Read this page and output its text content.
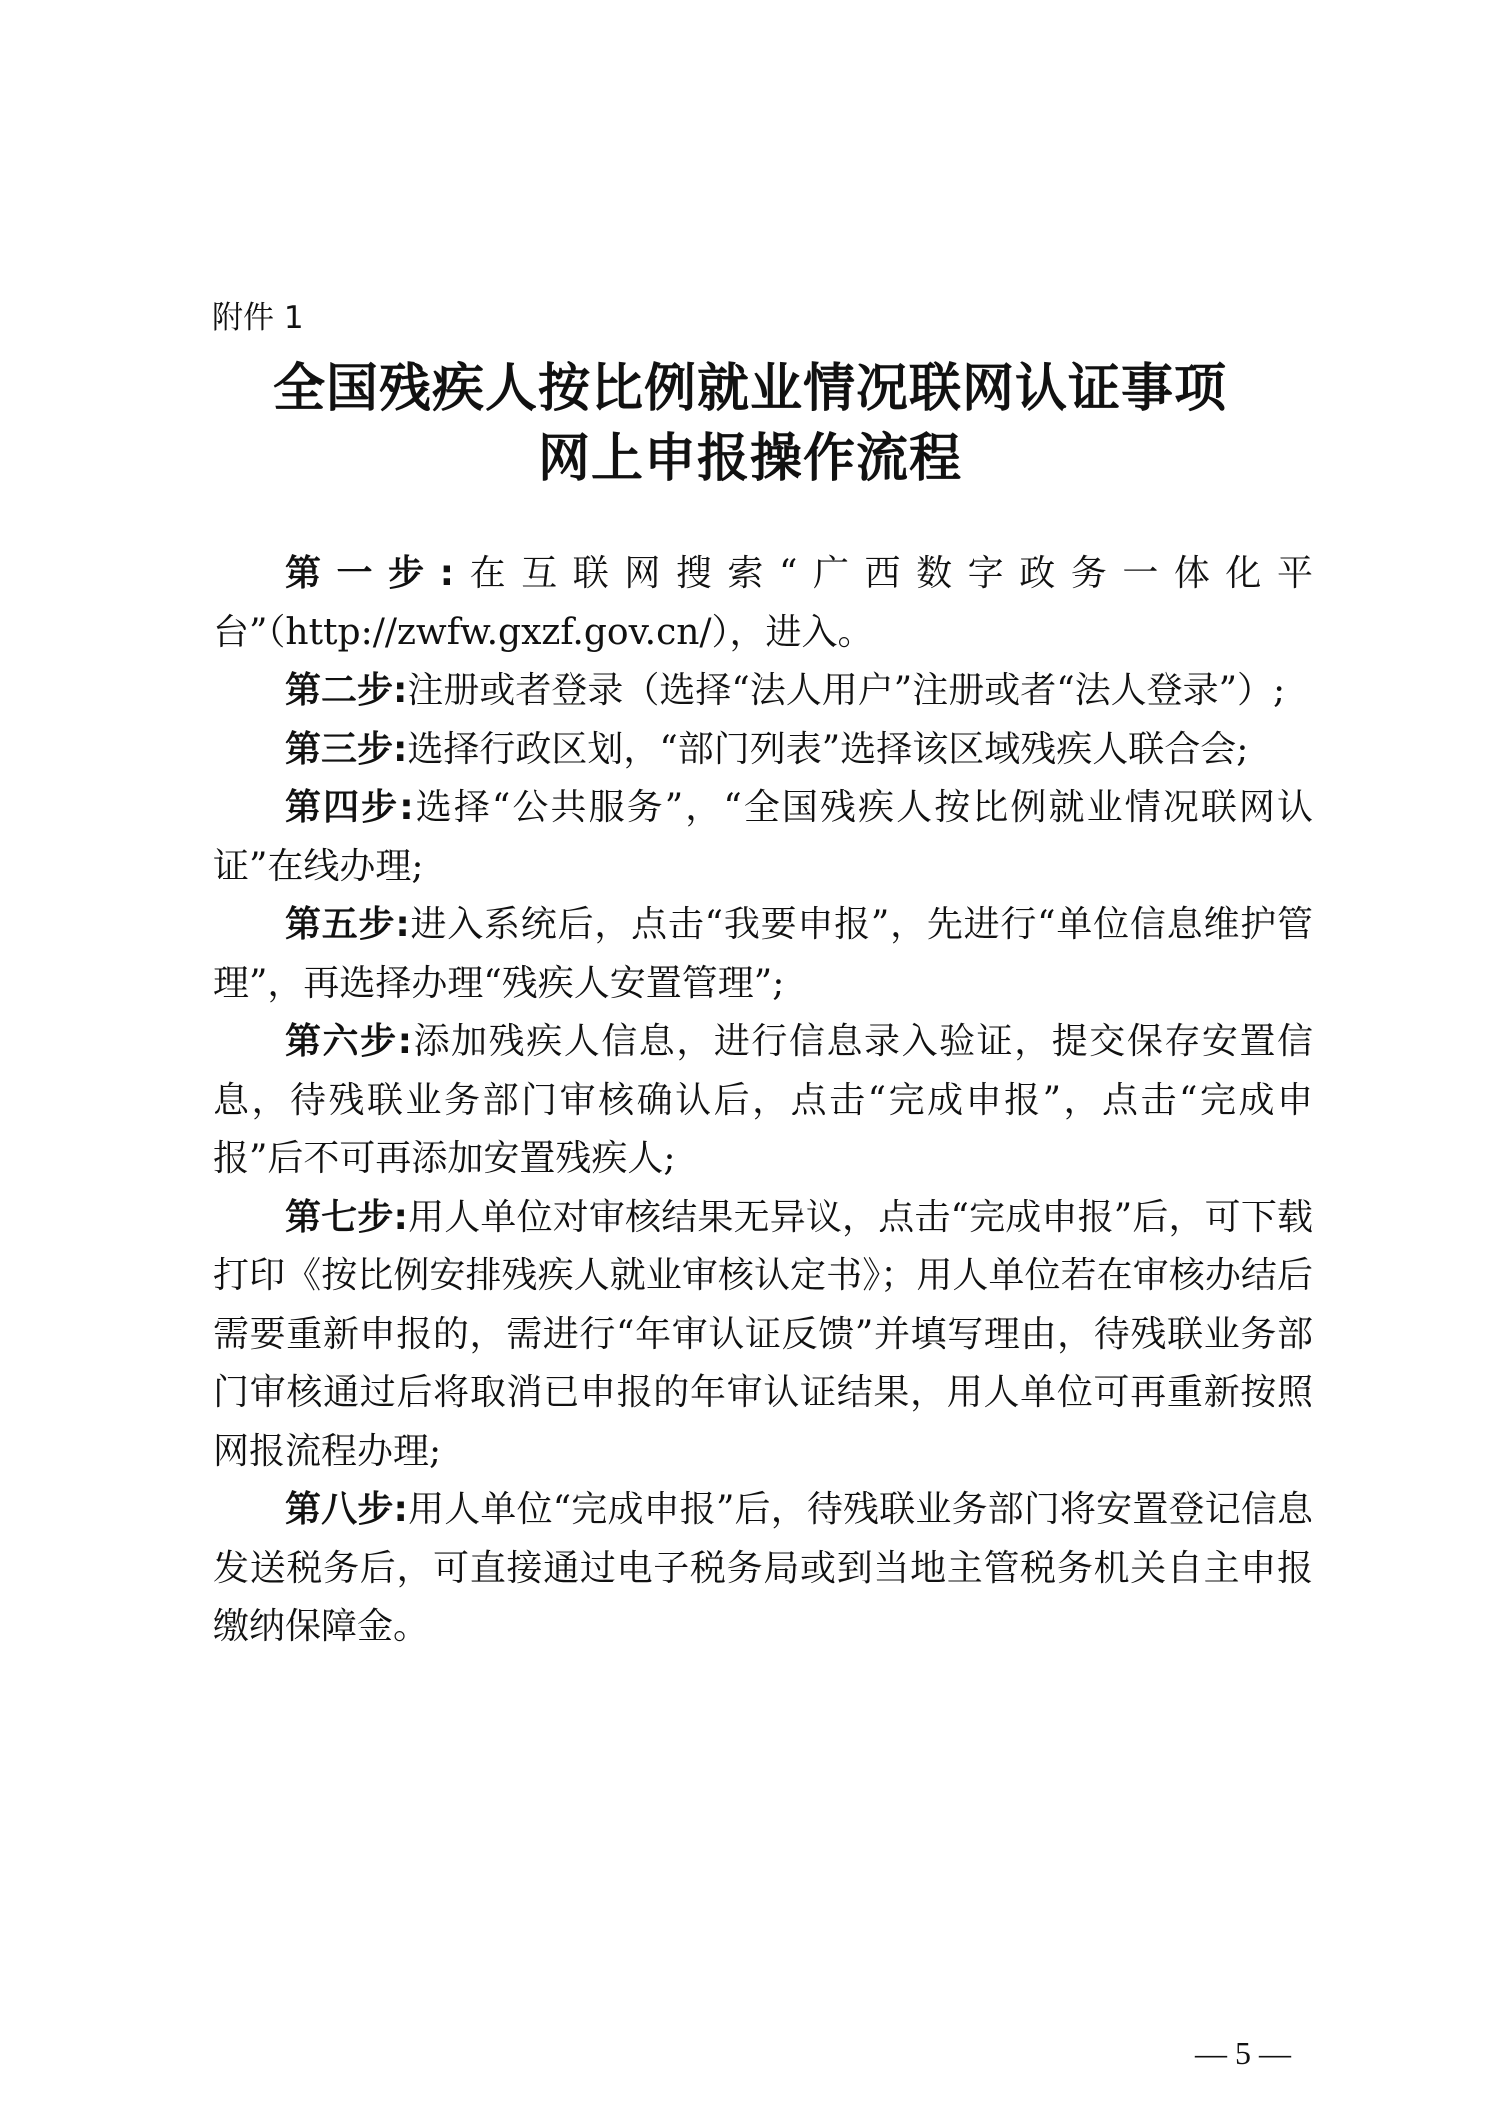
附件 1
全国残疾人按比例就业情况联网认证事项
网上申报操作流程

第一步:在互联网搜索“广西数字政务一体化平台”（http://zwfw.gxzf.gov.cn/），进入。

第二步:注册或者登录（选择“法人用户”注册或者“法人登录”）;

第三步:选择行政区划，“部门列表”选择该区域残疾人联合会;

第四步:选择“公共服务”，“全国残疾人按比例就业情况联网认证”在线办理;

第五步:进入系统后，点击“我要申报”，先进行“单位信息维护管理”，再选择办理“残疾人安置管理”;

第六步:添加残疾人信息，进行信息录入验证，提交保存安置信息，待残联业务部门审核确认后，点击“完成申报”，点击“完成申报”后不可再添加安置残疾人;

第七步:用人单位对审核结果无异议，点击“完成申报”后，可下载打印《按比例安排残疾人就业审核认定书》；用人单位若在审核办结后需要重新申报的，需进行“年审认证反馈”并填写理由，待残联业务部门审核通过后将取消已申报的年审认证结果，用人单位可再重新按照网报流程办理;

第八步:用人单位“完成申报”后，待残联业务部门将安置登记信息发送税务后，可直接通过电子税务局或到当地主管税务机关自主申报缴纳保障金。

— 5 —
